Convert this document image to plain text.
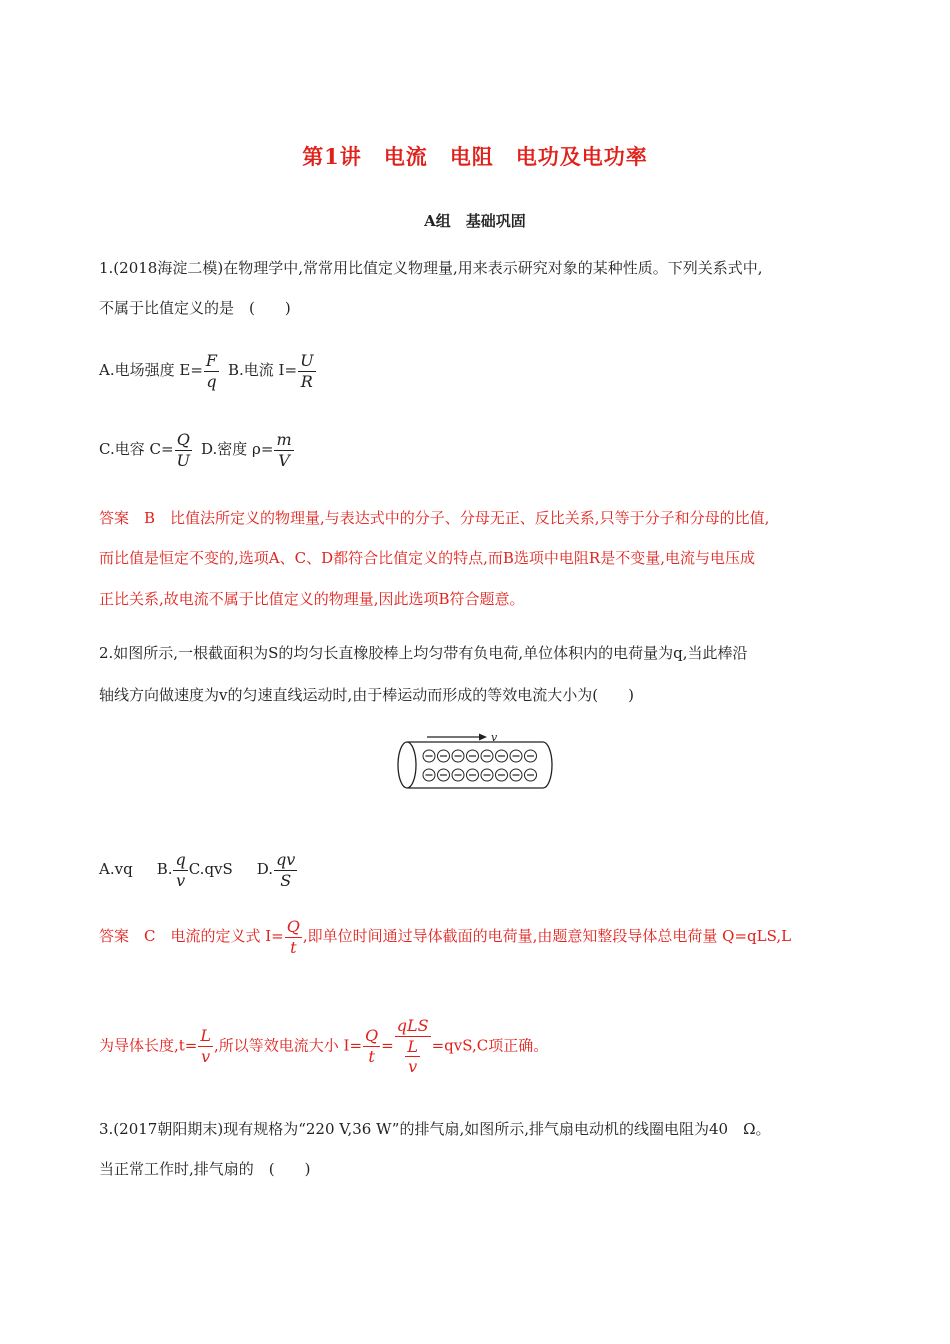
第1讲 电流 电阻 电功及电功率
A组　基础巩固
1.(2018海淀二模)在物理学中,常常用比值定义物理量,用来表示研究对象的某种性质。下列关系式中,
不属于比值定义的是　(　　)
A.电场强度 $E= \frac{F}{q} B$.电流 $I= \frac{U}{R}$
C.电容 $C= \frac{Q}{U} D$.密度 $\rho= \frac{m}{V}$
答案　B　比值法所定义的物理量,与表达式中的分子、分母无正、反比关系,只等于分子和分母的比值,
而比值是恒定不变的,选项A、C、D都符合比值定义的特点,而B选项中电阻R是不变量,电流与电压成
正比关系,故电流不属于比值定义的物理量,因此选项B符合题意。
2.如图所示,一根截面积为S的均匀长直橡胶棒上均匀带有负电荷,单位体积内的电荷量为q,当此棒沿
轴线方向做速度为v的匀速直线运动时,由于棒运动而形成的等效电流大小为(　　)
v
A.vq B. $\frac{q}{v} C.qvS$ D. $\frac{qv}{S}$
答案　C　电流的定义式 $I= \frac{Q}{t}$ ,即单位时间通过导体截面的电荷量,由题意知整段导体总电荷量 Q=qLS,L
为导体长度$,t= \frac{L}{v}$ ,所以等效电流大小 $I= \frac{Q}{t} = \frac{\text{qLS}}{\frac{L}{v}} =qvS,C$项正确。
3.(2017朝阳期末)现有规格为“220 V,36 W”的排气扇,如图所示,排气扇电动机的线圈电阻为40　Ω。
当正常工作时,排气扇的　(　　)
